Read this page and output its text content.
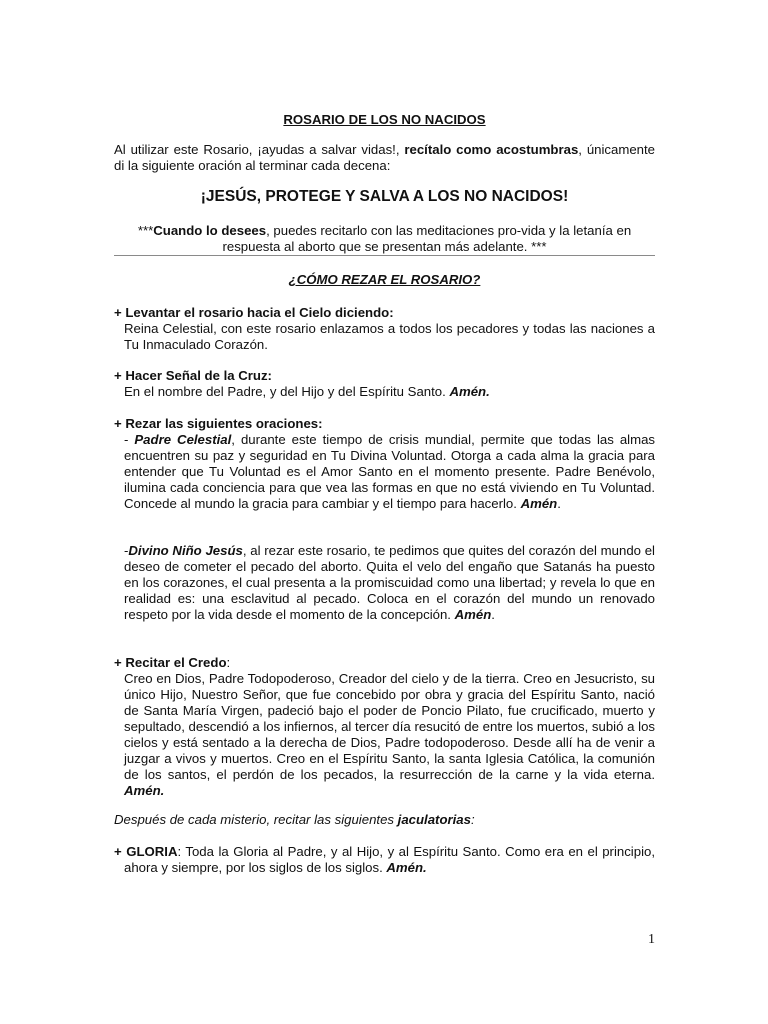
ROSARIO DE LOS NO NACIDOS
Al utilizar este Rosario, ¡ayudas a salvar vidas!, recítalo como acostumbras, únicamente di la siguiente oración al terminar cada decena:
¡JESÚS, PROTEGE Y SALVA A LOS NO NACIDOS!
***Cuando lo desees, puedes recitarlo con las meditaciones pro-vida y la letanía en respuesta al aborto que se presentan más adelante. ***
¿CÓMO REZAR EL ROSARIO?
+ Levantar el rosario hacia el Cielo diciendo:
Reina Celestial, con este rosario enlazamos a todos los pecadores y todas las naciones a Tu Inmaculado Corazón.
+ Hacer Señal de la Cruz:
En el nombre del Padre, y del Hijo y del Espíritu Santo. Amén.
+ Rezar las siguientes oraciones:
- Padre Celestial, durante este tiempo de crisis mundial, permite que todas las almas encuentren su paz y seguridad en Tu Divina Voluntad. Otorga a cada alma la gracia para entender que Tu Voluntad es el Amor Santo en el momento presente. Padre Benévolo, ilumina cada conciencia para que vea las formas en que no está viviendo en Tu Voluntad. Concede al mundo la gracia para cambiar y el tiempo para hacerlo. Amén.
-Divino Niño Jesús, al rezar este rosario, te pedimos que quites del corazón del mundo el deseo de cometer el pecado del aborto. Quita el velo del engaño que Satanás ha puesto en los corazones, el cual presenta a la promiscuidad como una libertad; y revela lo que en realidad es: una esclavitud al pecado. Coloca en el corazón del mundo un renovado respeto por la vida desde el momento de la concepción. Amén.
+ Recitar el Credo:
Creo en Dios, Padre Todopoderoso, Creador del cielo y de la tierra. Creo en Jesucristo, su único Hijo, Nuestro Señor, que fue concebido por obra y gracia del Espíritu Santo, nació de Santa María Virgen, padeció bajo el poder de Poncio Pilato, fue crucificado, muerto y sepultado, descendió a los infiernos, al tercer día resucitó de entre los muertos, subió a los cielos y está sentado a la derecha de Dios, Padre todopoderoso. Desde allí ha de venir a juzgar a vivos y muertos. Creo en el Espíritu Santo, la santa Iglesia Católica, la comunión de los santos, el perdón de los pecados, la resurrección de la carne y la vida eterna. Amén.
Después de cada misterio, recitar las siguientes jaculatorias:
+ GLORIA: Toda la Gloria al Padre, y al Hijo, y al Espíritu Santo. Como era en el principio, ahora y siempre, por los siglos de los siglos. Amén.
1
